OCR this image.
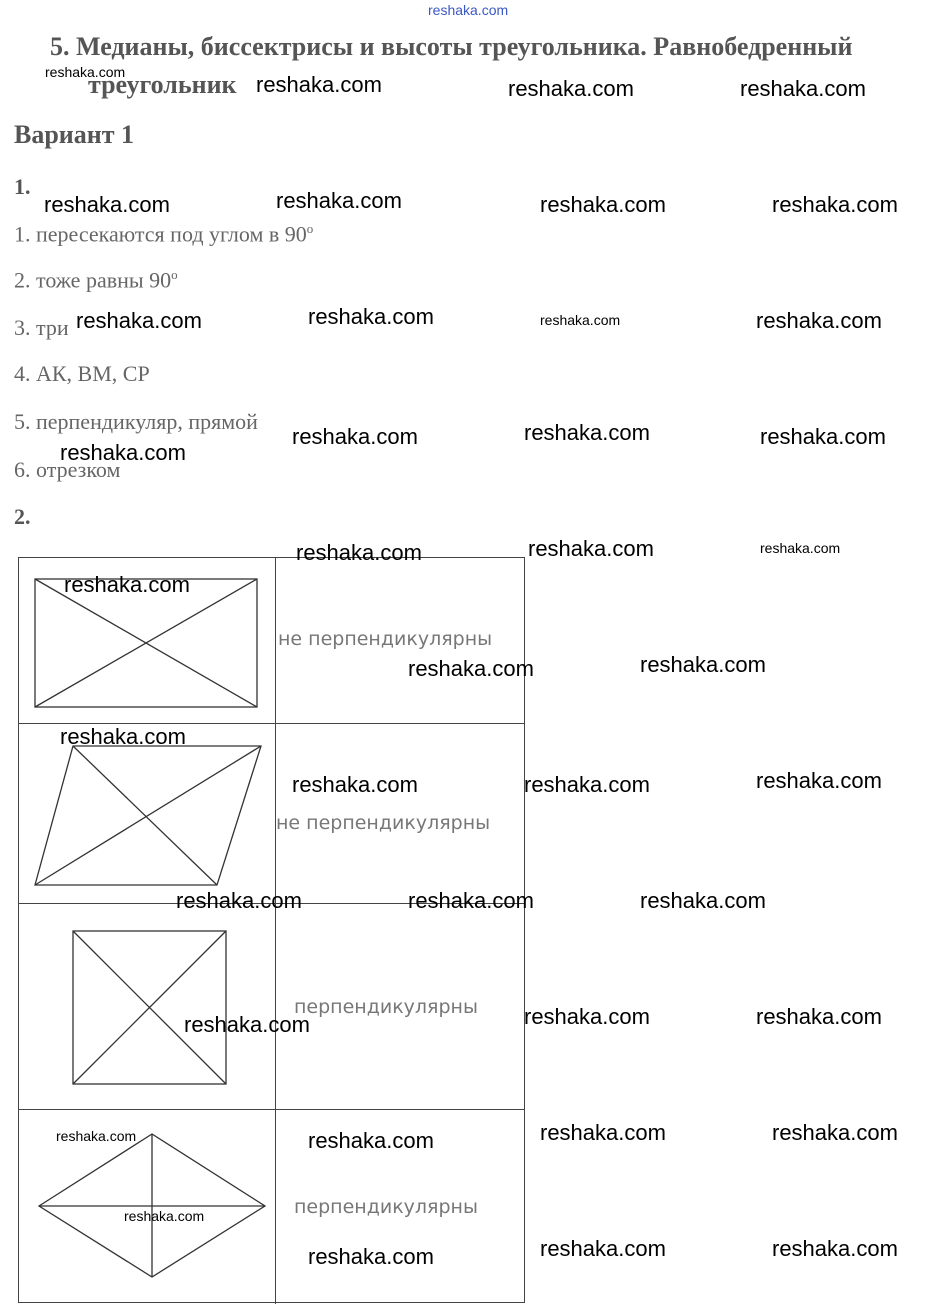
reshaka.com
5. Медианы, биссектрисы и высоты треугольника. Равнобедренный
треугольник
Вариант 1
1.
1. пересекаются под углом в $90^о$
2. тоже равны $90^о$
3. три
4. АК, ВМ, СР
5. перпендикуляр, прямой
6. отрезком
2.
не перпендикулярны
не перпендикулярны
перпендикулярны
перпендикулярны
reshaka.com	reshaka.com	reshaka.com	reshaka.com
reshaka.com	reshaka.com	reshaka.com	reshaka.com
reshaka.com	reshaka.com	reshaka.com	reshaka.com
reshaka.com	reshaka.com	reshaka.com
reshaka.com
reshaka.com	reshaka.com	reshaka.com
reshaka.com
reshaka.com	reshaka.com
reshaka.com
reshaka.com	reshaka.com	reshaka.com
reshaka.com	reshaka.com	reshaka.com
reshaka.com	reshaka.com	reshaka.com
reshaka.com	reshaka.com	reshaka.com	reshaka.com
reshaka.com
reshaka.com	reshaka.com	reshaka.com
